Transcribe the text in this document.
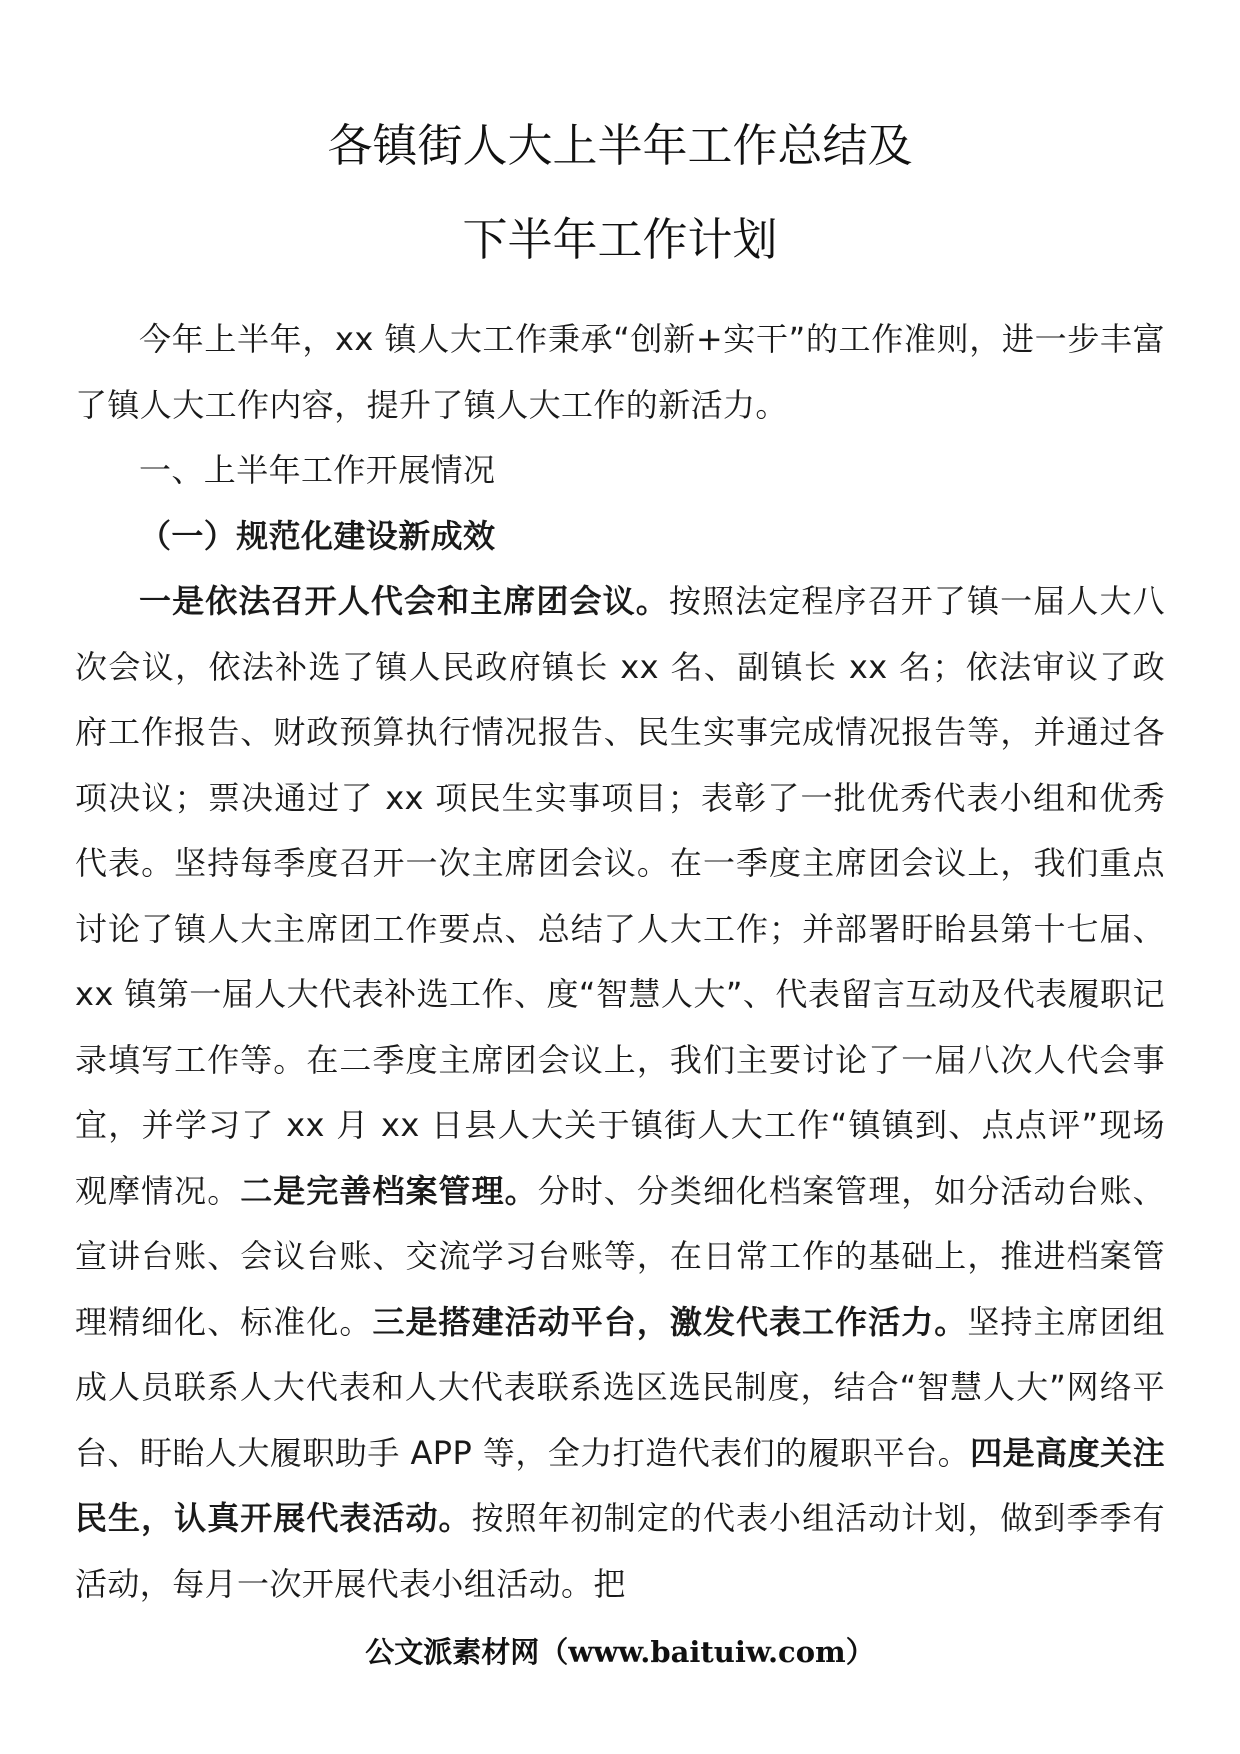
各镇街人大上半年工作总结及
下半年工作计划

今年上半年，xx 镇人大工作秉承“创新+实干”的工作准则，进一步丰富了镇人大工作内容，提升了镇人大工作的新活力。

一、上半年工作开展情况

（一）规范化建设新成效

一是依法召开人代会和主席团会议。按照法定程序召开了镇一届人大八次会议，依法补选了镇人民政府镇长 xx 名、副镇长 xx 名；依法审议了政府工作报告、财政预算执行情况报告、民生实事完成情况报告等，并通过各项决议；票决通过了 xx 项民生实事项目；表彰了一批优秀代表小组和优秀代表。坚持每季度召开一次主席团会议。在一季度主席团会议上，我们重点讨论了镇人大主席团工作要点、总结了人大工作；并部署盱眙县第十七届、xx 镇第一届人大代表补选工作、度“智慧人大”、代表留言互动及代表履职记录填写工作等。在二季度主席团会议上，我们主要讨论了一届八次人代会事宜，并学习了 xx 月 xx 日县人大关于镇街人大工作“镇镇到、点点评”现场观摩情况。二是完善档案管理。分时、分类细化档案管理，如分活动台账、宣讲台账、会议台账、交流学习台账等，在日常工作的基础上，推进档案管理精细化、标准化。三是搭建活动平台，激发代表工作活力。坚持主席团组成人员联系人大代表和人大代表联系选区选民制度，结合“智慧人大”网络平台、盱眙人大履职助手 APP 等，全力打造代表们的履职平台。四是高度关注民生，认真开展代表活动。按照年初制定的代表小组活动计划，做到季季有活动，每月一次开展代表小组活动。把

公文派素材网（www.baituiw.com）
